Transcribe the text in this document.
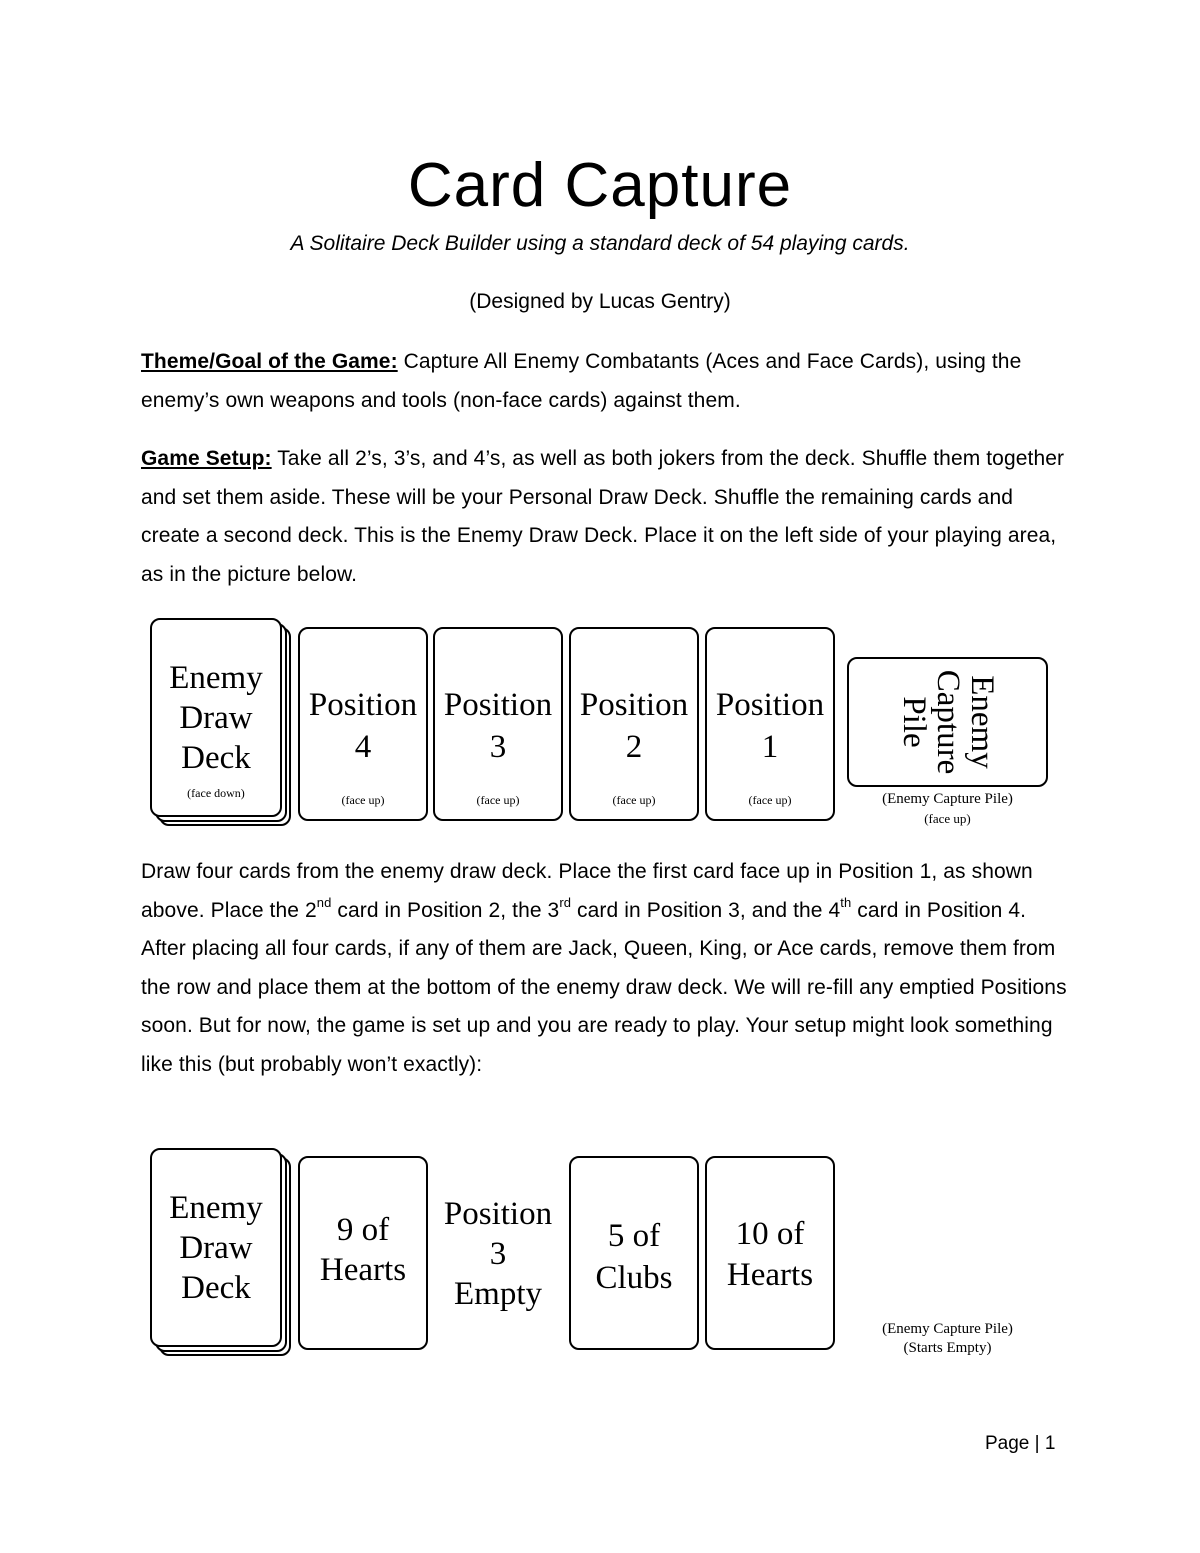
Card Capture
A Solitaire Deck Builder using a standard deck of 54 playing cards.
(Designed by Lucas Gentry)
Theme/Goal of the Game: Capture All Enemy Combatants (Aces and Face Cards), using the enemy’s own weapons and tools (non-face cards) against them.
Game Setup: Take all 2’s, 3’s, and 4’s, as well as both jokers from the deck. Shuffle them together and set them aside. These will be your Personal Draw Deck. Shuffle the remaining cards and create a second deck. This is the Enemy Draw Deck. Place it on the left side of your playing area, as in the picture below.
Enemy
Draw
Deck
(face down)
Position
4
(face up)
Position
3
(face up)
Position
2
(face up)
Position
1
(face up)
Enemy
Capture
Pile
(Enemy Capture Pile)
(face up)
Draw four cards from the enemy draw deck. Place the first card face up in Position 1, as shown above. Place the 2nd card in Position 2, the 3rd card in Position 3, and the 4th card in Position 4. After placing all four cards, if any of them are Jack, Queen, King, or Ace cards, remove them from the row and place them at the bottom of the enemy draw deck. We will re-fill any emptied Positions soon. But for now, the game is set up and you are ready to play. Your setup might look something like this (but probably won’t exactly):
Enemy
Draw
Deck
9 of
Hearts
Position
3
Empty
5 of
Clubs
10 of
Hearts
(Enemy Capture Pile)
(Starts Empty)
Page | 1
